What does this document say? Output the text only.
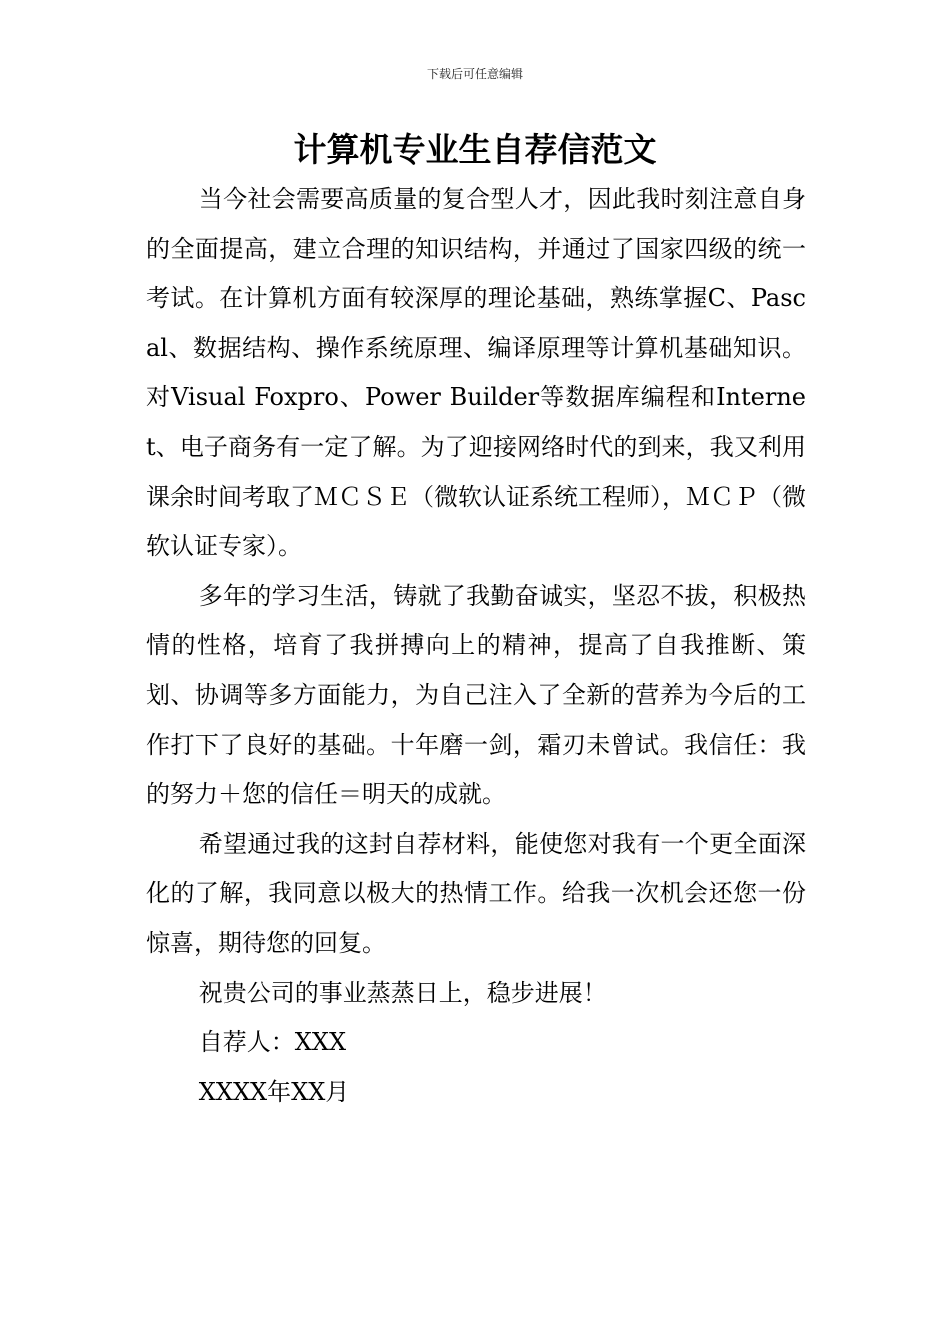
下载后可任意编辑
计算机专业生自荐信范文

当今社会需要高质量的复合型人才，因此我时刻注意自身的全面提高，建立合理的知识结构，并通过了国家四级的统一考试。在计算机方面有较深厚的理论基础，熟练掌握C、Pascal、数据结构、操作系统原理、编译原理等计算机基础知识。对Visual Foxpro、Power Builder等数据库编程和Internet、电子商务有一定了解。为了迎接网络时代的到来，我又利用课余时间考取了ＭＣＳＥ（微软认证系统工程师），ＭＣＰ（微软认证专家）。

多年的学习生活，铸就了我勤奋诚实，坚忍不拔，积极热情的性格，培育了我拼搏向上的精神，提高了自我推断、策划、协调等多方面能力，为自己注入了全新的营养为今后的工作打下了良好的基础。十年磨一剑，霜刃未曾试。我信任：我的努力＋您的信任＝明天的成就。

希望通过我的这封自荐材料，能使您对我有一个更全面深化的了解，我同意以极大的热情工作。给我一次机会还您一份惊喜，期待您的回复。

祝贵公司的事业蒸蒸日上，稳步进展！

自荐人：XXX

XXXX年XX月
